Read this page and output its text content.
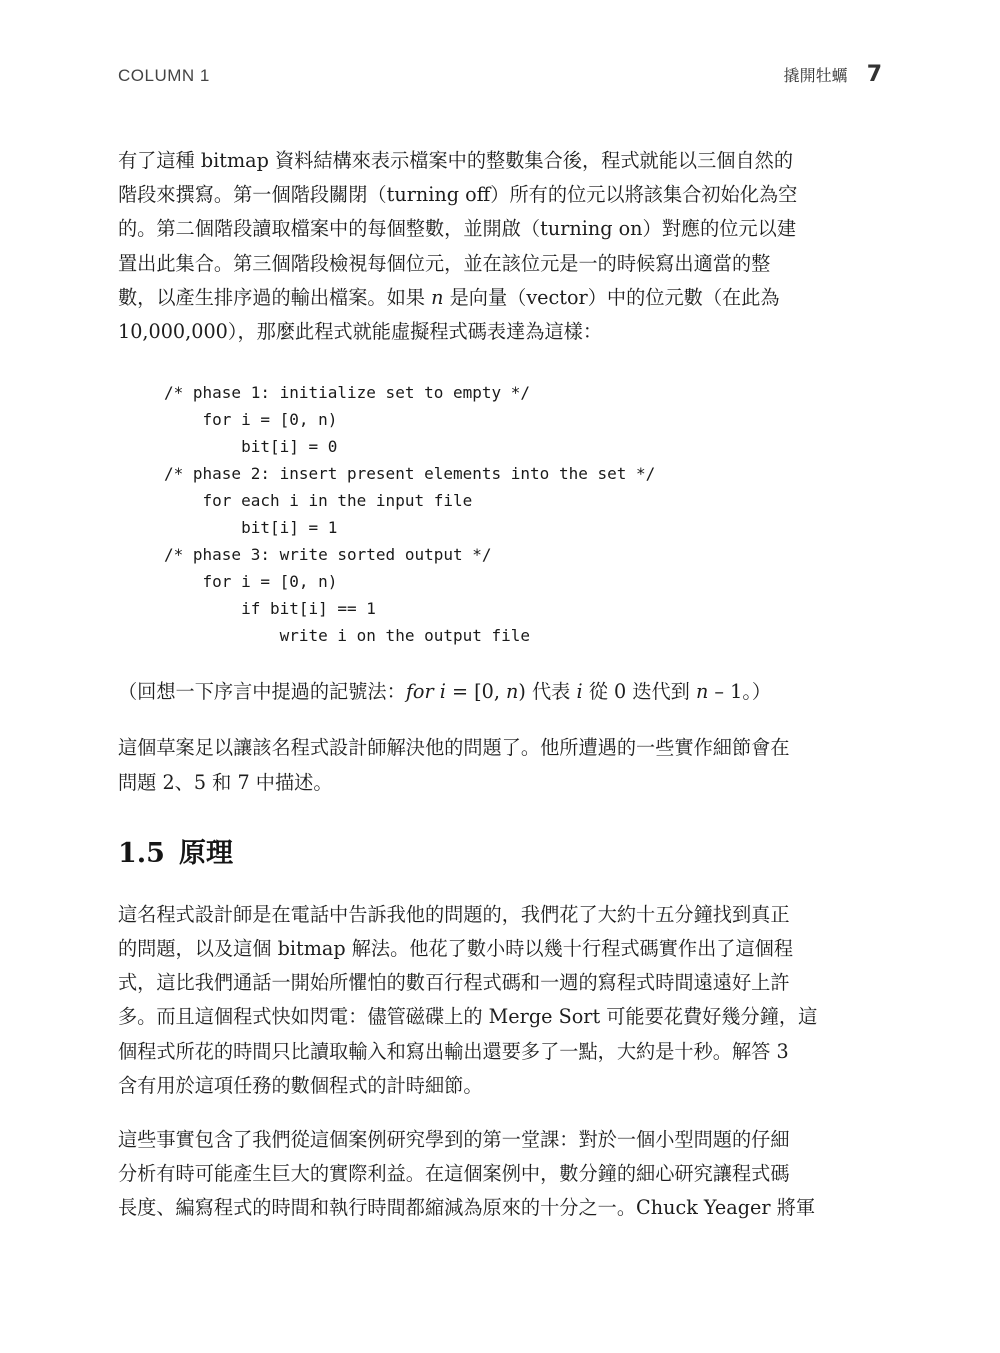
COLUMN 1	撬開牡蠣 7

有了這種 bitmap 資料結構來表示檔案中的整數集合後，程式就能以三個自然的
階段來撰寫。第一個階段關閉（turning off）所有的位元以將該集合初始化為空
的。第二個階段讀取檔案中的每個整數，並開啟（turning on）對應的位元以建
置出此集合。第三個階段檢視每個位元，並在該位元是一的時候寫出適當的整
數，以產生排序過的輸出檔案。如果 n 是向量（vector）中的位元數（在此為
10,000,000），那麼此程式就能虛擬程式碼表達為這樣：

/* phase 1: initialize set to empty */
for i = [0, n)
bit[i] = 0
/* phase 2: insert present elements into the set */
for each i in the input file
bit[i] = 1
/* phase 3: write sorted output */
for i = [0, n)
if bit[i] == 1
write i on the output file

（回想一下序言中提過的記號法：for i = [0, n) 代表 i 從 0 迭代到 n – 1。）

這個草案足以讓該名程式設計師解決他的問題了。他所遭遇的一些實作細節會在
問題 2、5 和 7 中描述。

1.5 原理

這名程式設計師是在電話中告訴我他的問題的，我們花了大約十五分鐘找到真正
的問題，以及這個 bitmap 解法。他花了數小時以幾十行程式碼實作出了這個程
式，這比我們通話一開始所懼怕的數百行程式碼和一週的寫程式時間遠遠好上許
多。而且這個程式快如閃電：儘管磁碟上的 Merge Sort 可能要花費好幾分鐘，這
個程式所花的時間只比讀取輸入和寫出輸出還要多了一點，大約是十秒。解答 3
含有用於這項任務的數個程式的計時細節。

這些事實包含了我們從這個案例研究學到的第一堂課：對於一個小型問題的仔細
分析有時可能產生巨大的實際利益。在這個案例中，數分鐘的細心研究讓程式碼
長度、編寫程式的時間和執行時間都縮減為原來的十分之一。Chuck Yeager 將軍
